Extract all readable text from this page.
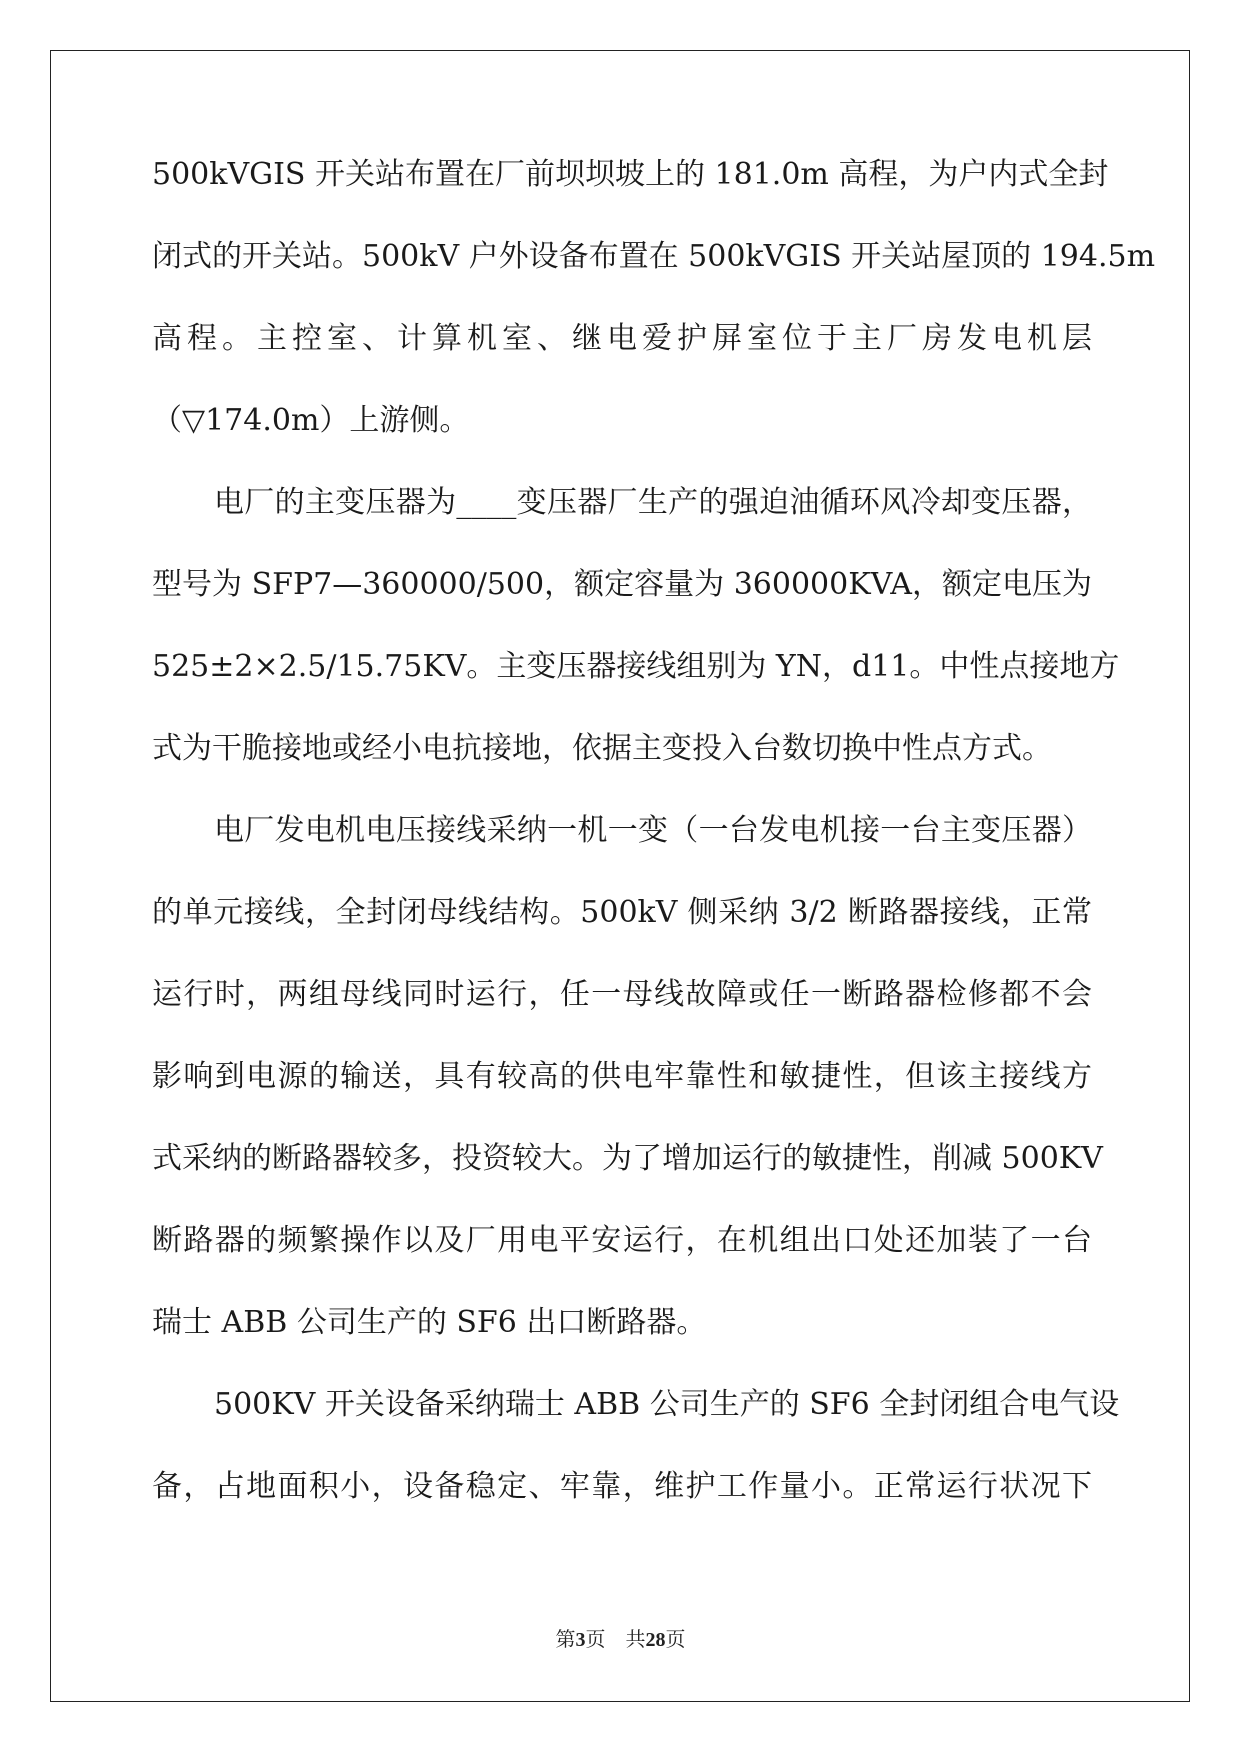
500kVGIS 开关站布置在厂前坝坝坡上的 181.0m 高程，为户内式全封
闭式的开关站。500kV 户外设备布置在 500kVGIS 开关站屋顶的 194.5m
高程。主控室、计算机室、继电爱护屏室位于主厂房发电机层
（▽174.0m）上游侧。
电厂的主变压器为____变压器厂生产的强迫油循环风冷却变压器，
型号为 SFP7—360000/500，额定容量为 360000KVA，额定电压为
525±2×2.5/15.75KV。主变压器接线组别为 YN，d11。中性点接地方
式为干脆接地或经小电抗接地，依据主变投入台数切换中性点方式。
电厂发电机电压接线采纳一机一变（一台发电机接一台主变压器）
的单元接线，全封闭母线结构。500kV 侧采纳 3/2 断路器接线，正常
运行时，两组母线同时运行，任一母线故障或任一断路器检修都不会
影响到电源的输送，具有较高的供电牢靠性和敏捷性，但该主接线方
式采纳的断路器较多，投资较大。为了增加运行的敏捷性，削减 500KV
断路器的频繁操作以及厂用电平安运行，在机组出口处还加装了一台
瑞士 ABB 公司生产的 SF6 出口断路器。
500KV 开关设备采纳瑞士 ABB 公司生产的 SF6 全封闭组合电气设
备，占地面积小，设备稳定、牢靠，维护工作量小。正常运行状况下
第3页 共28页
